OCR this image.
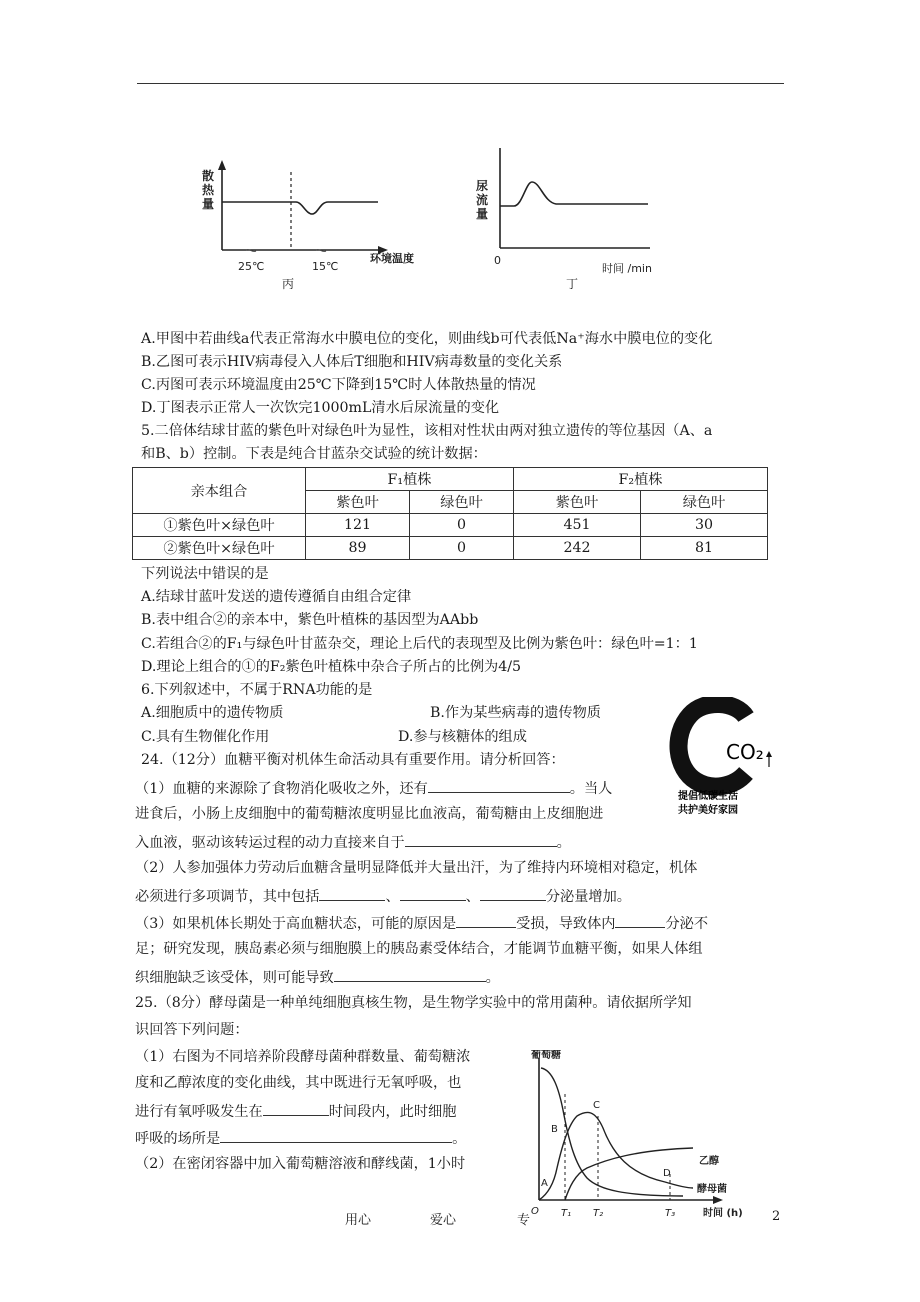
散
热
量
25℃	15℃
环境温度
丙
尿
流
量
0
时间 /min
丁
A.甲图中若曲线a代表正常海水中膜电位的变化，则曲线b可代表低Na⁺海水中膜电位的变化
B.乙图可表示HIV病毒侵入人体后T细胞和HIV病毒数量的变化关系
C.丙图可表示环境温度由25℃下降到15℃时人体散热量的情况
D.丁图表示正常人一次饮完1000mL清水后尿流量的变化
5.二倍体结球甘蓝的紫色叶对绿色叶为显性，该相对性状由两对独立遗传的等位基因（A、a
和B、b）控制。下表是纯合甘蓝杂交试验的统计数据：
亲本组合	F₁植株		F₂植株	
	紫色叶	绿色叶	紫色叶	绿色叶
①紫色叶×绿色叶	121	0	451	30
②紫色叶×绿色叶	89	0	242	81
下列说法中错误的是
A.结球甘蓝叶发送的遗传遵循自由组合定律
B.表中组合②的亲本中，紫色叶植株的基因型为AAbb
C.若组合②的F₁与绿色叶甘蓝杂交，理论上后代的表现型及比例为紫色叶：绿色叶=1：1
D.理论上组合的①的F₂紫色叶植株中杂合子所占的比例为4/5
6.下列叙述中，不属于RNA功能的是
A.细胞质中的遗传物质	B.作为某些病毒的遗传物质
C.具有生物催化作用	D.参与核糖体的组成
CO₂
提倡低碳生活
共护美好家园
24.（12分）血糖平衡对机体生命活动具有重要作用。请分析回答：
（1）血糖的来源除了食物消化吸收之外，还有	。当人
进食后，小肠上皮细胞中的葡萄糖浓度明显比血液高，葡萄糖由上皮细胞进
入血液，驱动该转运过程的动力直接来自于	。
（2）人参加强体力劳动后血糖含量明显降低并大量出汗，为了维持内环境相对稳定，机体
必须进行多项调节，其中包括	、	、	分泌量增加。
（3）如果机体长期处于高血糖状态，可能的原因是	受损，导致体内	分泌不
足；研究发现，胰岛素必须与细胞膜上的胰岛素受体结合，才能调节血糖平衡，如果人体组
织细胞缺乏该受体，则可能导致	。
25.（8分）酵母菌是一种单纯细胞真核生物，是生物学实验中的常用菌种。请依据所学知
识回答下列问题：
（1）右图为不同培养阶段酵母菌种群数量、葡萄糖浓
度和乙醇浓度的变化曲线，其中既进行无氧呼吸，也
进行有氧呼吸发生在	时间段内，此时细胞
呼吸的场所是	。
（2）在密闭容器中加入葡萄糖溶液和酵线菌，1小时
葡萄糖
乙醇
酵母菌
A
B
C
D
O T₁ T₂	T₃	时间 (h)
用心	爱心	专	2
